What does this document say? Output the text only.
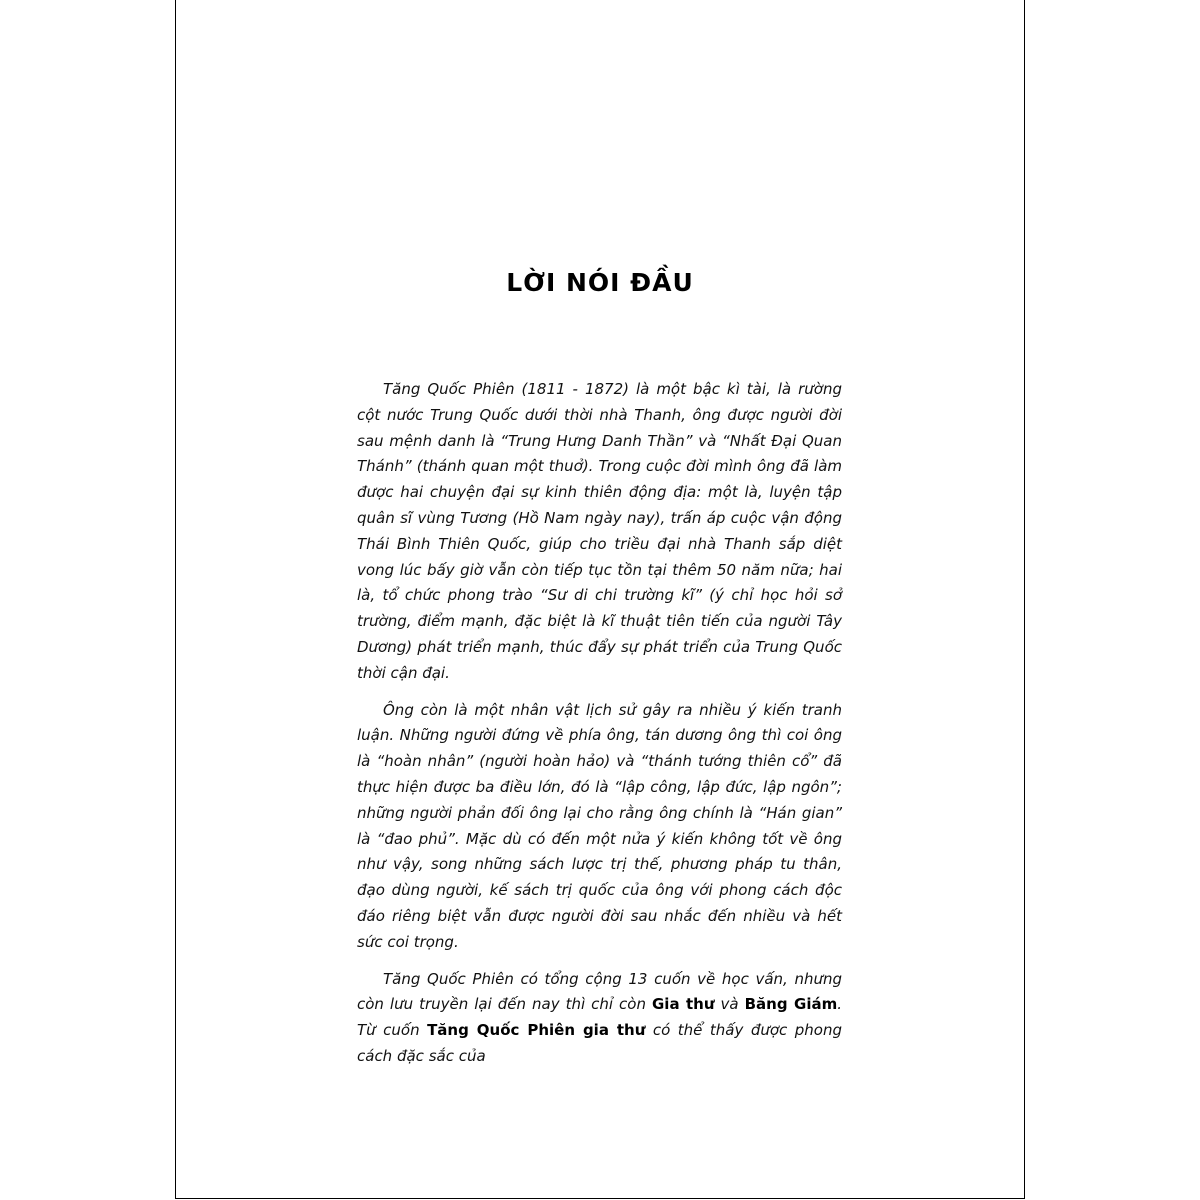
LỜI NÓI ĐẦU

Tăng Quốc Phiên (1811 - 1872) là một bậc kì tài, là rường cột nước Trung Quốc dưới thời nhà Thanh, ông được người đời sau mệnh danh là “Trung Hưng Danh Thần” và “Nhất Đại Quan Thánh” (thánh quan một thuở). Trong cuộc đời mình ông đã làm được hai chuyện đại sự kinh thiên động địa: một là, luyện tập quân sĩ vùng Tương (Hồ Nam ngày nay), trấn áp cuộc vận động Thái Bình Thiên Quốc, giúp cho triều đại nhà Thanh sắp diệt vong lúc bấy giờ vẫn còn tiếp tục tồn tại thêm 50 năm nữa; hai là, tổ chức phong trào “Sư di chi trường kĩ” (ý chỉ học hỏi sở trường, điểm mạnh, đặc biệt là kĩ thuật tiên tiến của người Tây Dương) phát triển mạnh, thúc đẩy sự phát triển của Trung Quốc thời cận đại.

Ông còn là một nhân vật lịch sử gây ra nhiều ý kiến tranh luận. Những người đứng về phía ông, tán dương ông thì coi ông là “hoàn nhân” (người hoàn hảo) và “thánh tướng thiên cổ” đã thực hiện được ba điều lớn, đó là “lập công, lập đức, lập ngôn”; những người phản đối ông lại cho rằng ông chính là “Hán gian” là “đao phủ”. Mặc dù có đến một nửa ý kiến không tốt về ông như vậy, song những sách lược trị thế, phương pháp tu thân, đạo dùng người, kế sách trị quốc của ông với phong cách độc đáo riêng biệt vẫn được người đời sau nhắc đến nhiều và hết sức coi trọng.

Tăng Quốc Phiên có tổng cộng 13 cuốn về học vấn, nhưng còn lưu truyền lại đến nay thì chỉ còn Gia thư và Băng Giám. Từ cuốn Tăng Quốc Phiên gia thư có thể thấy được phong cách đặc sắc của
